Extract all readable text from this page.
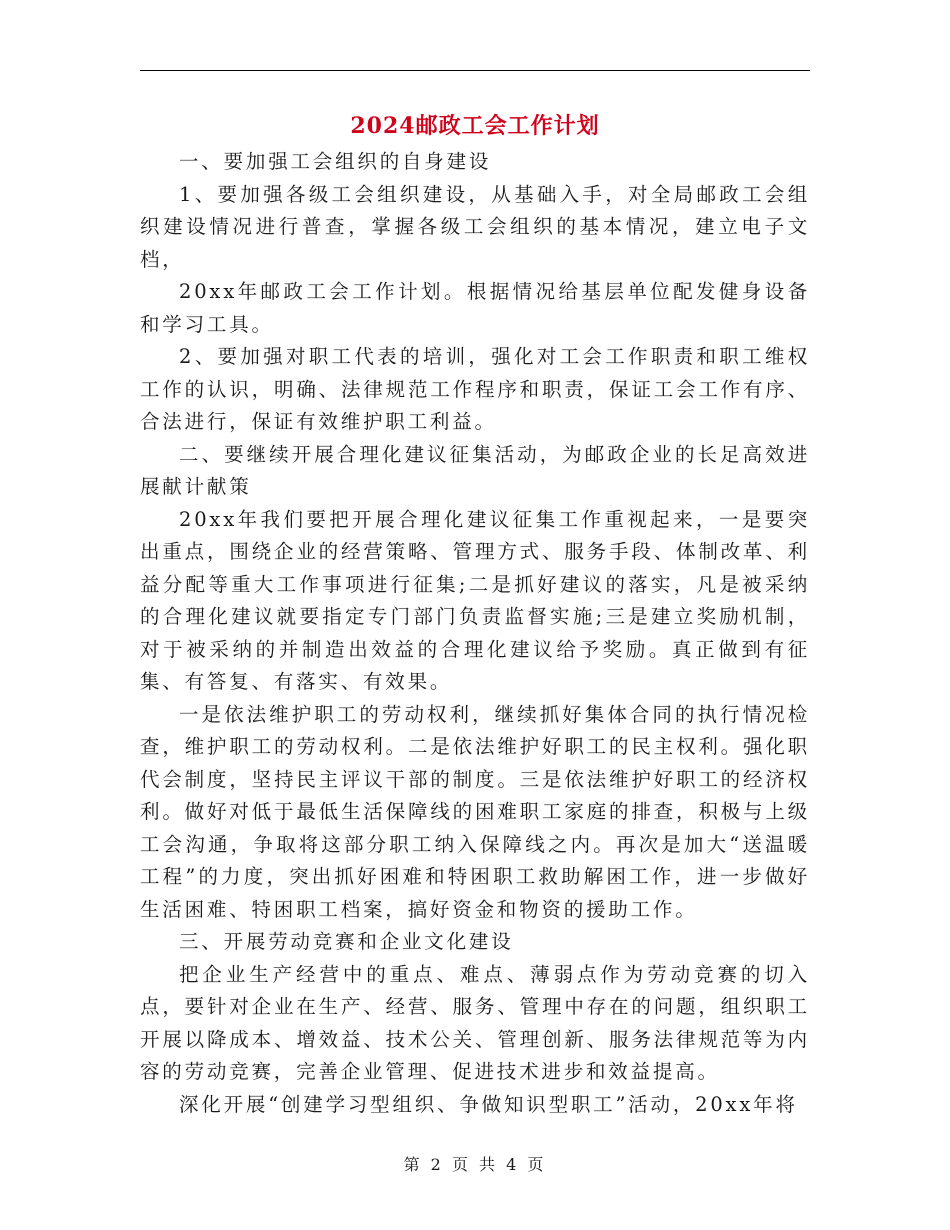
2024邮政工会工作计划

一、要加强工会组织的自身建设

1、要加强各级工会组织建设，从基础入手，对全局邮政工会组织建设情况进行普查，掌握各级工会组织的基本情况，建立电子文档，

20xx年邮政工会工作计划。根据情况给基层单位配发健身设备和学习工具。

2、要加强对职工代表的培训，强化对工会工作职责和职工维权工作的认识，明确、法律规范工作程序和职责，保证工会工作有序、合法进行，保证有效维护职工利益。

二、要继续开展合理化建议征集活动，为邮政企业的长足高效进展献计献策

20xx年我们要把开展合理化建议征集工作重视起来，一是要突出重点，围绕企业的经营策略、管理方式、服务手段、体制改革、利益分配等重大工作事项进行征集;二是抓好建议的落实，凡是被采纳的合理化建议就要指定专门部门负责监督实施;三是建立奖励机制，对于被采纳的并制造出效益的合理化建议给予奖励。真正做到有征集、有答复、有落实、有效果。

一是依法维护职工的劳动权利，继续抓好集体合同的执行情况检查，维护职工的劳动权利。二是依法维护好职工的民主权利。强化职代会制度，坚持民主评议干部的制度。三是依法维护好职工的经济权利。做好对低于最低生活保障线的困难职工家庭的排查，积极与上级工会沟通，争取将这部分职工纳入保障线之内。再次是加大“送温暖工程”的力度，突出抓好困难和特困职工救助解困工作，进一步做好生活困难、特困职工档案，搞好资金和物资的援助工作。

三、开展劳动竞赛和企业文化建设

把企业生产经营中的重点、难点、薄弱点作为劳动竞赛的切入点，要针对企业在生产、经营、服务、管理中存在的问题，组织职工开展以降成本、增效益、技术公关、管理创新、服务法律规范等为内容的劳动竞赛，完善企业管理、促进技术进步和效益提高。

深化开展“创建学习型组织、争做知识型职工”活动，20xx年将

第 2 页 共 4 页
